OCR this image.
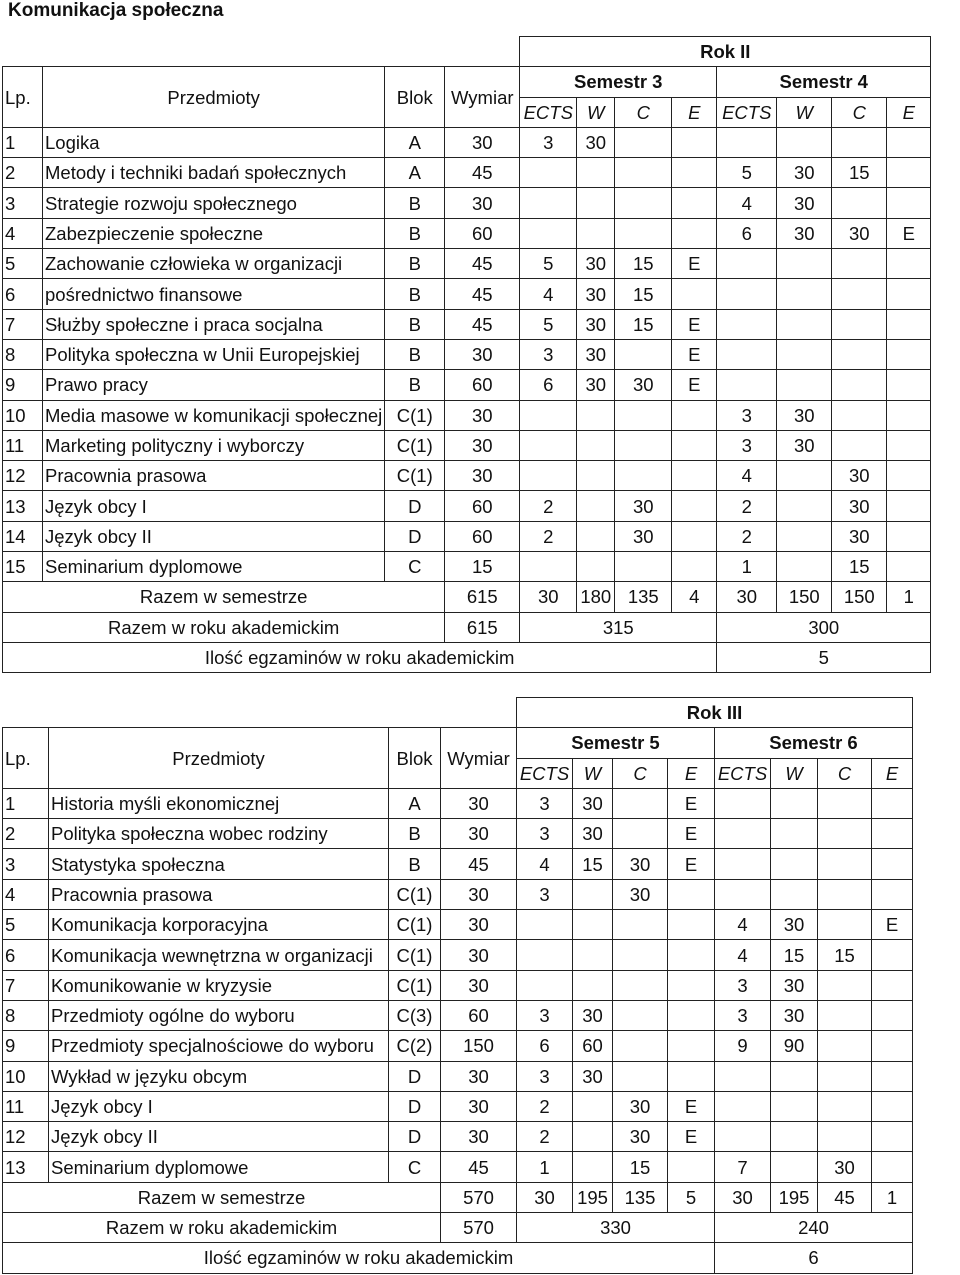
Komunikacja społeczna
				Rok II							
Lp.	Przedmioty	Blok	Wymiar	Semestr 3				Semestr 4			
				ECTS	W	C	E	ECTS	W	C	E
1	Logika	A	30	3	30						
2	Metody i techniki badań społecznych	A	45					5	30	15	
3	Strategie rozwoju społecznego	B	30					4	30		
4	Zabezpieczenie społeczne	B	60					6	30	30	E
5	Zachowanie człowieka w organizacji	B	45	5	30	15	E				
6	pośrednictwo finansowe	B	45	4	30	15					
7	Służby społeczne i praca socjalna	B	45	5	30	15	E				
8	Polityka społeczna w Unii Europejskiej	B	30	3	30		E				
9	Prawo pracy	B	60	6	30	30	E				
10	Media masowe w komunikacji społecznej	C(1)	30					3	30		
11	Marketing polityczny i wyborczy	C(1)	30					3	30		
12	Pracownia prasowa	C(1)	30					4		30	
13	Język obcy I	D	60	2		30		2		30	
14	Język obcy II	D	60	2		30		2		30	
15	Seminarium dyplomowe	C	15					1		15	
Razem w semestrze			615	30	180	135	4	30	150	150	1
Razem w roku akademickim			615	315				300			
Ilość egzaminów w roku akademickim								5			
				Rok III							
Lp.	Przedmioty	Blok	Wymiar	Semestr 5				Semestr 6			
				ECTS	W	C	E	ECTS	W	C	E
1	Historia myśli ekonomicznej	A	30	3	30		E				
2	Polityka społeczna wobec rodziny	B	30	3	30		E				
3	Statystyka społeczna	B	45	4	15	30	E				
4	Pracownia prasowa	C(1)	30	3		30					
5	Komunikacja korporacyjna	C(1)	30					4	30		E
6	Komunikacja wewnętrzna w organizacji	C(1)	30					4	15	15	
7	Komunikowanie w kryzysie	C(1)	30					3	30		
8	Przedmioty ogólne do wyboru	C(3)	60	3	30			3	30		
9	Przedmioty specjalnościowe do wyboru	C(2)	150	6	60			9	90		
10	Wykład w języku obcym	D	30	3	30						
11	Język obcy I	D	30	2		30	E				
12	Język obcy II	D	30	2		30	E				
13	Seminarium dyplomowe	C	45	1		15		7		30	
Razem w semestrze			570	30	195	135	5	30	195	45	1
Razem w roku akademickim			570	330				240			
Ilość egzaminów w roku akademickim								6			
